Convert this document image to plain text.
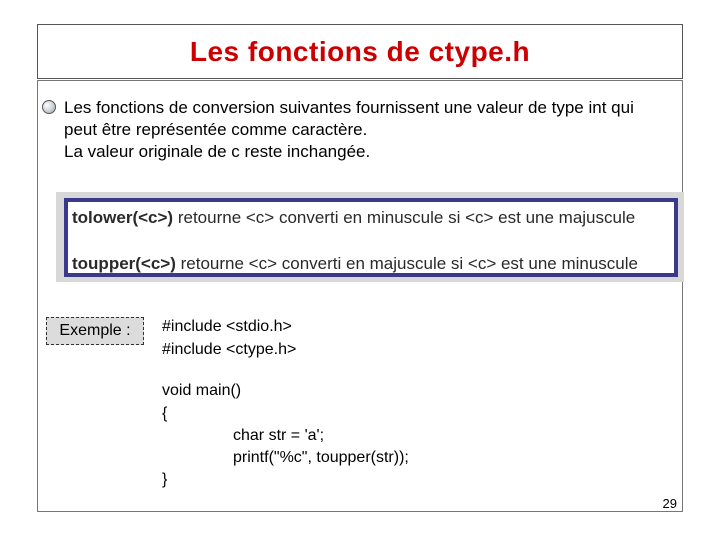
Les fonctions de ctype.h
Les fonctions de conversion suivantes fournissent une valeur de type int qui
peut être représentée comme caractère.
La valeur originale de c reste inchangée.
tolower(<c>) retourne <c> converti en minuscule si <c> est une majuscule
toupper(<c>) retourne <c> converti en majuscule si <c> est une minuscule
Exemple :	#include <stdio.h>
#include <ctype.h>
void main()
{
char str = 'a';
printf("%c", toupper(str));
}
29
